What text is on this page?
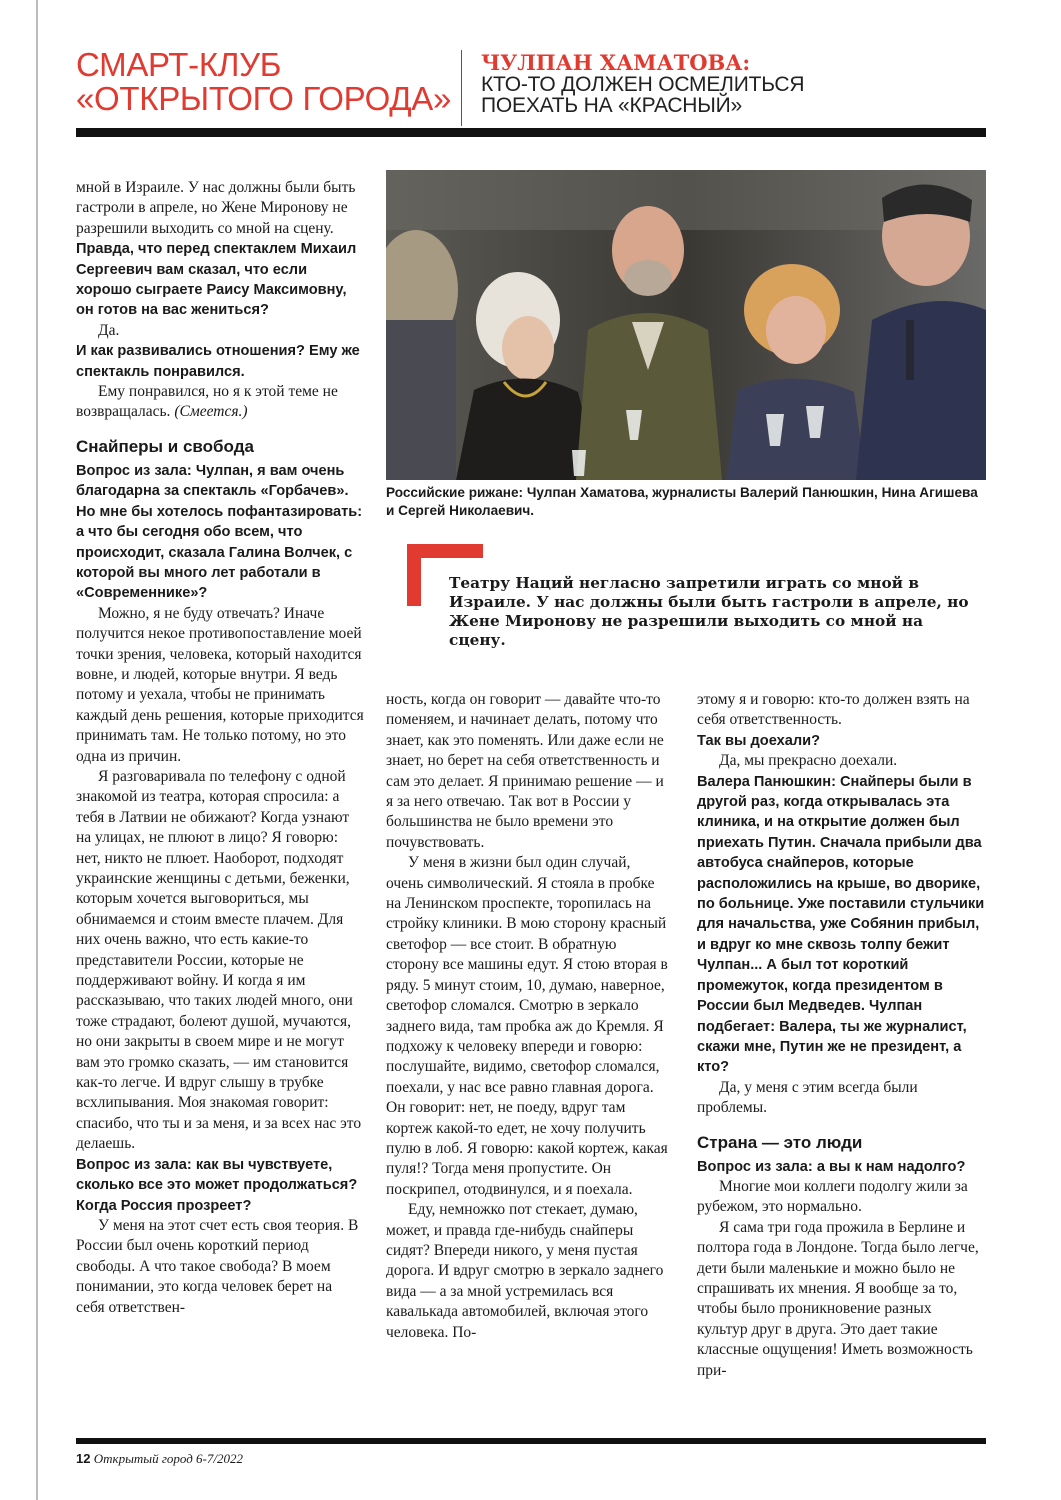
СМАРТ-КЛУБ
«ОТКРЫТОГО ГОРОДА»
ЧУЛПАН ХАМАТОВА:
КТО-ТО ДОЛЖЕН ОСМЕЛИТЬСЯ
ПОЕХАТЬ НА «КРАСНЫЙ»

мной в Израиле. У нас должны были быть гастроли в апреле, но Жене Миронову не разрешили выходить со мной на сцену.

Правда, что перед спектаклем Михаил Сергеевич вам сказал, что если хорошо сыграете Раису Максимовну, он готов на вас жениться?

Да.

И как развивались отношения? Ему же спектакль понравился.

Ему понравился, но я к этой теме не возвращалась. (Смеется.)

Снайперы и свобода

Вопрос из зала: Чулпан, я вам очень благодарна за спектакль «Горбачев». Но мне бы хотелось пофантазировать: а что бы сегодня обо всем, что происходит, сказала Галина Волчек, с которой вы много лет работали в «Современнике»?

Можно, я не буду отвечать? Иначе получится некое противопоставление моей точки зрения, человека, который находится вовне, и людей, которые внутри. Я ведь потому и уехала, чтобы не принимать каждый день решения, которые приходится принимать там. Не только потому, но это одна из причин.

Я разговаривала по телефону с одной знакомой из театра, которая спросила: а тебя в Латвии не обижают? Когда узнают на улицах, не плюют в лицо? Я говорю: нет, никто не плюет. Наоборот, подходят украинские женщины с детьми, беженки, которым хочется выговориться, мы обнимаемся и стоим вместе плачем. Для них очень важно, что есть какие-то представители России, которые не поддерживают войну. И когда я им рассказываю, что таких людей много, они тоже страдают, болеют душой, мучаются, но они закрыты в своем мире и не могут вам это громко сказать, — им становится как-то легче. И вдруг слышу в трубке всхлипывания. Моя знакомая говорит: спасибо, что ты и за меня, и за всех нас это делаешь.

Вопрос из зала: как вы чувствуете, сколько все это может продолжаться? Когда Россия прозреет?

У меня на этот счет есть своя теория. В России был очень короткий период свободы. А что такое свобода? В моем понимании, это когда человек берет на себя ответствен-

Российские рижане: Чулпан Хаматова, журналисты Валерий Панюшкин, Нина Агишева и Сергей Николаевич.
Театру Наций негласно запретили играть со мной в Израиле. У нас должны были быть гастроли в апреле, но Жене Миронову не разрешили выходить со мной на сцену.

ность, когда он говорит — давайте что-то поменяем, и начинает делать, потому что знает, как это поменять. Или даже если не знает, но берет на себя ответственность и сам это делает. Я принимаю решение — и я за него отвечаю. Так вот в России у большинства не было времени это почувствовать.

У меня в жизни был один случай, очень символический. Я стояла в пробке на Ленинском проспекте, торопилась на стройку клиники. В мою сторону красный светофор — все стоит. В обратную сторону все машины едут. Я стою вторая в ряду. 5 минут стоим, 10, думаю, наверное, светофор сломался. Смотрю в зеркало заднего вида, там пробка аж до Кремля. Я подхожу к человеку впереди и говорю: послушайте, видимо, светофор сломался, поехали, у нас все равно главная дорога. Он говорит: нет, не поеду, вдруг там кортеж какой-то едет, не хочу получить пулю в лоб. Я говорю: какой кортеж, какая пуля!? Тогда меня пропустите. Он поскрипел, отодвинулся, и я поехала.

Еду, немножко пот стекает, думаю, может, и правда где-нибудь снайперы сидят? Впереди никого, у меня пустая дорога. И вдруг смотрю в зеркало заднего вида — а за мной устремилась вся кавалькада автомобилей, включая этого человека. По-

этому я и говорю: кто-то должен взять на себя ответственность.

Так вы доехали?

Да, мы прекрасно доехали.

Валера Панюшкин: Снайперы были в другой раз, когда открывалась эта клиника, и на открытие должен был приехать Путин. Сначала прибыли два автобуса снайперов, которые расположились на крыше, во дворике, по больнице. Уже поставили стульчики для начальства, уже Собянин прибыл, и вдруг ко мне сквозь толпу бежит Чулпан... А был тот короткий промежуток, когда президентом в России был Медведев. Чулпан подбегает: Валера, ты же журналист, скажи мне, Путин же не президент, а кто?

Да, у меня с этим всегда были проблемы.

Страна — это люди

Вопрос из зала: а вы к нам надолго?

Многие мои коллеги подолгу жили за рубежом, это нормально.

Я сама три года прожила в Берлине и полтора года в Лондоне. Тогда было легче, дети были маленькие и можно было не спрашивать их мнения. Я вообще за то, чтобы было проникновение разных культур друг в друга. Это дает такие классные ощущения! Иметь возможность при-

12 Открытый город 6-7/2022
